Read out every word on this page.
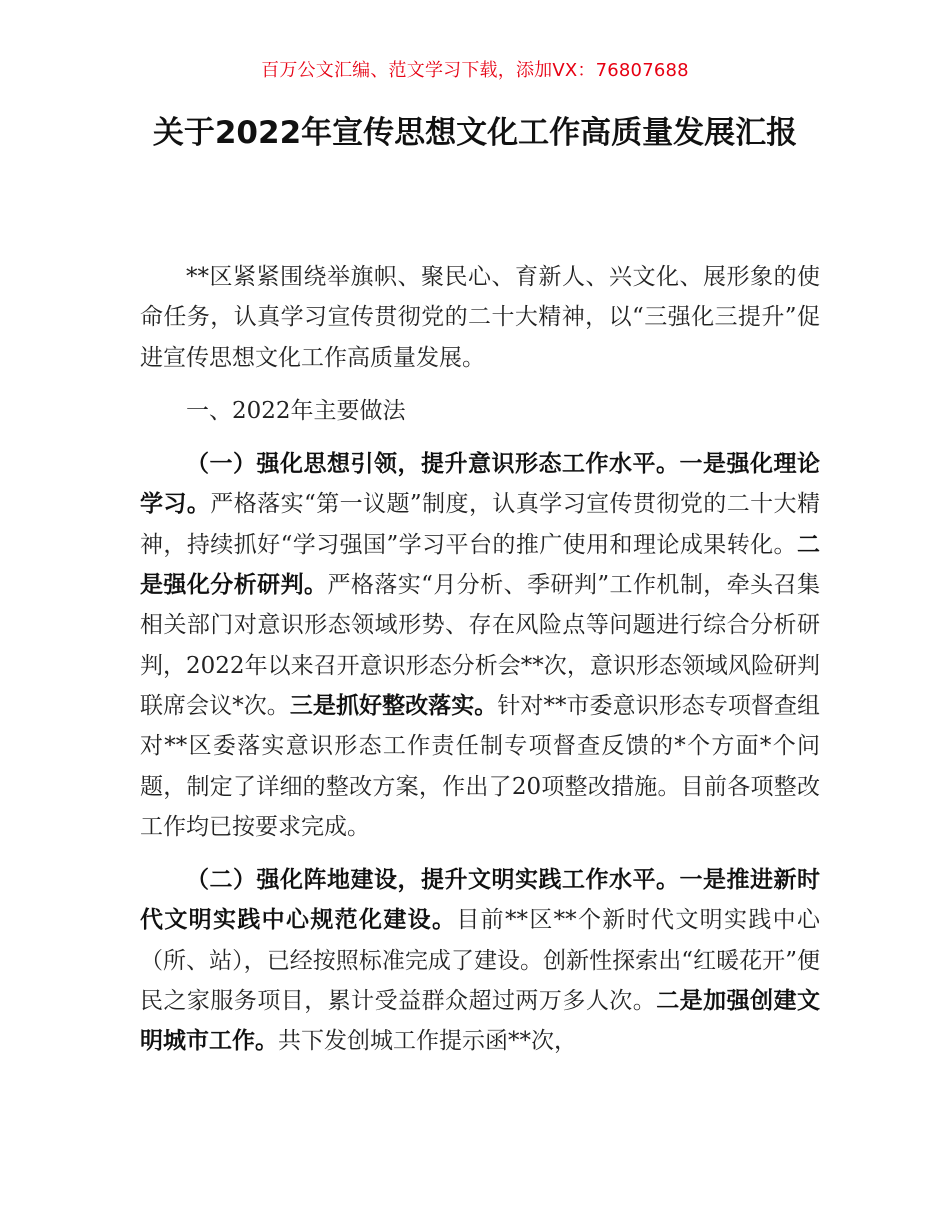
百万公文汇编、范文学习下载，添加VX：76807688
关于2022年宣传思想文化工作高质量发展汇报

**区紧紧围绕举旗帜、聚民心、育新人、兴文化、展形象的使命任务，认真学习宣传贯彻党的二十大精神，以“三强化三提升”促进宣传思想文化工作高质量发展。

一、2022年主要做法

（一）强化思想引领，提升意识形态工作水平。一是强化理论学习。严格落实“第一议题”制度，认真学习宣传贯彻党的二十大精神，持续抓好“学习强国”学习平台的推广使用和理论成果转化。二是强化分析研判。严格落实“月分析、季研判”工作机制，牵头召集相关部门对意识形态领域形势、存在风险点等问题进行综合分析研判，2022年以来召开意识形态分析会**次，意识形态领域风险研判联席会议*次。三是抓好整改落实。针对**市委意识形态专项督查组对**区委落实意识形态工作责任制专项督查反馈的*个方面*个问题，制定了详细的整改方案，作出了20项整改措施。目前各项整改工作均已按要求完成。

（二）强化阵地建设，提升文明实践工作水平。一是推进新时代文明实践中心规范化建设。目前**区**个新时代文明实践中心（所、站），已经按照标准完成了建设。创新性探索出“红暖花开”便民之家服务项目，累计受益群众超过两万多人次。二是加强创建文明城市工作。共下发创城工作提示函**次，
